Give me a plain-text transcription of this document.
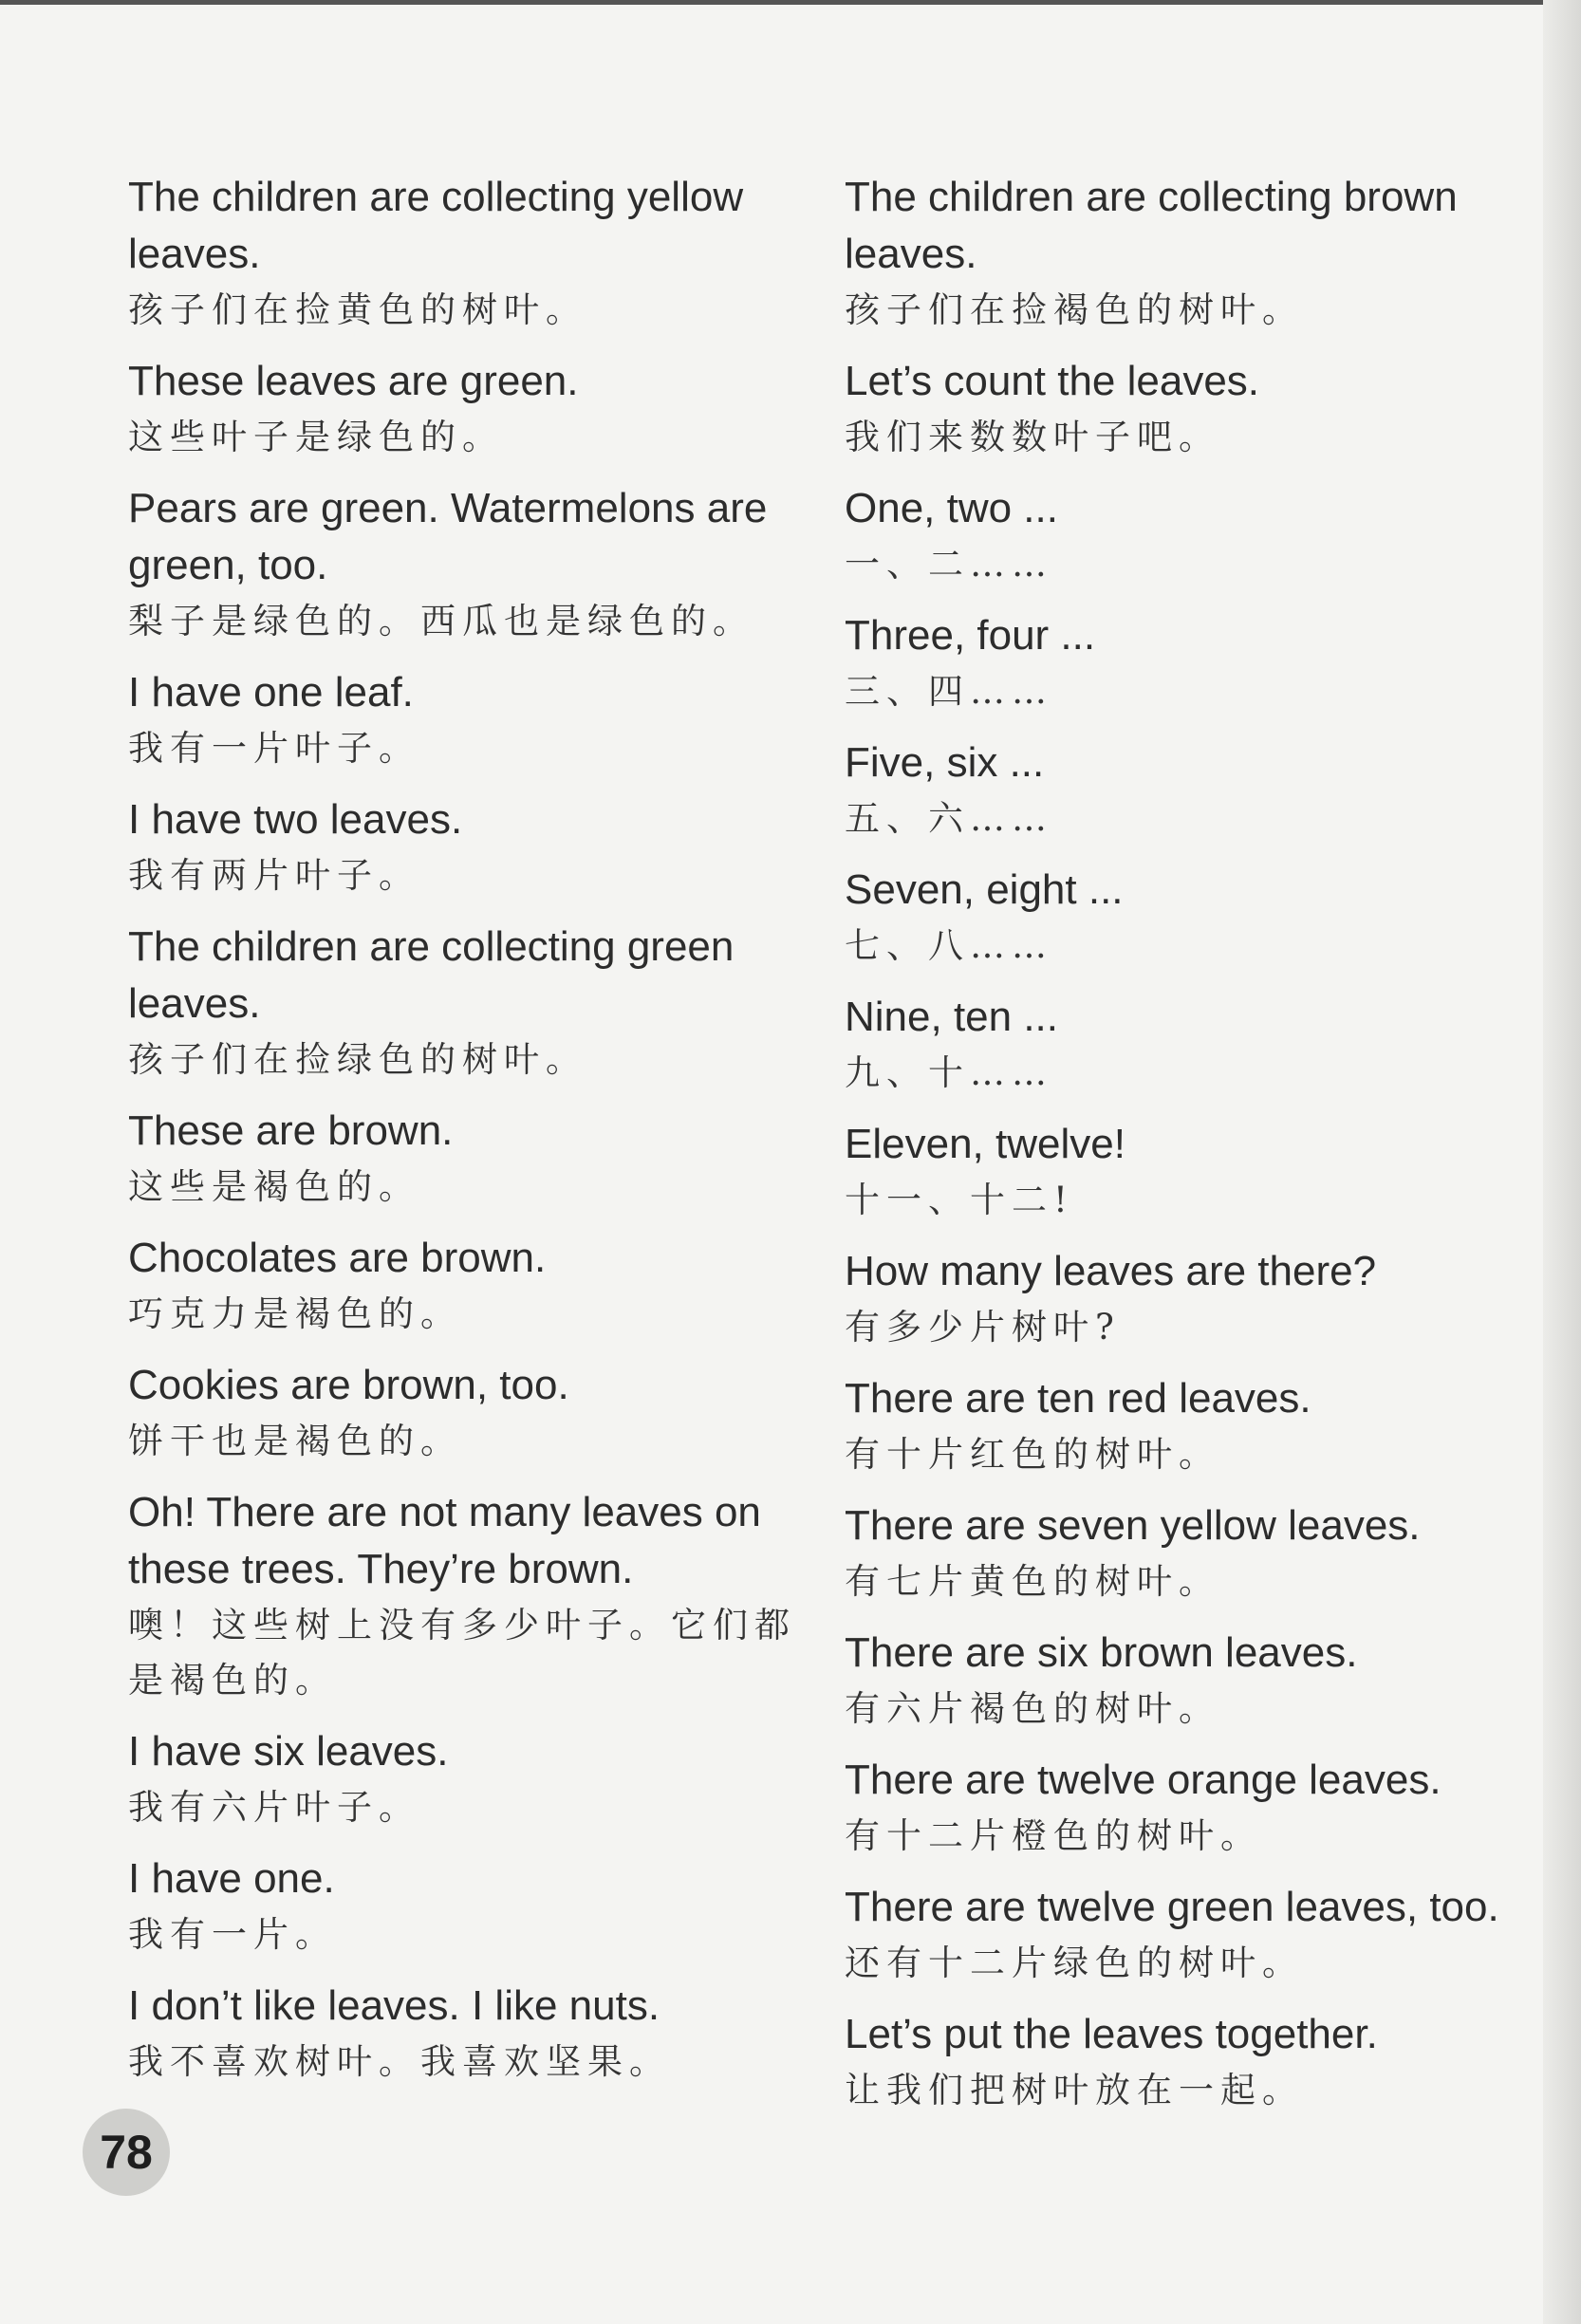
The children are collecting yellow leaves.
孩子们在捡黄色的树叶。
These leaves are green.
这些叶子是绿色的。
Pears are green. Watermelons are green, too.
梨子是绿色的。西瓜也是绿色的。
I have one leaf.
我有一片叶子。
I have two leaves.
我有两片叶子。
The children are collecting green leaves.
孩子们在捡绿色的树叶。
These are brown.
这些是褐色的。
Chocolates are brown.
巧克力是褐色的。
Cookies are brown, too.
饼干也是褐色的。
Oh! There are not many leaves on these trees. They’re brown.
噢！这些树上没有多少叶子。它们都是褐色的。
I have six leaves.
我有六片叶子。
I have one.
我有一片。
I don’t like leaves. I like nuts.
我不喜欢树叶。我喜欢坚果。
The children are collecting brown leaves.
孩子们在捡褐色的树叶。
Let’s count the leaves.
我们来数数叶子吧。
One, two ...
一、二……
Three, four ...
三、四……
Five, six ...
五、六……
Seven, eight ...
七、八……
Nine, ten ...
九、十……
Eleven, twelve!
十一、十二!
How many leaves are there?
有多少片树叶?
There are ten red leaves.
有十片红色的树叶。
There are seven yellow leaves.
有七片黄色的树叶。
There are six brown leaves.
有六片褐色的树叶。
There are twelve orange leaves.
有十二片橙色的树叶。
There are twelve green leaves, too.
还有十二片绿色的树叶。
Let’s put the leaves together.
让我们把树叶放在一起。
78
